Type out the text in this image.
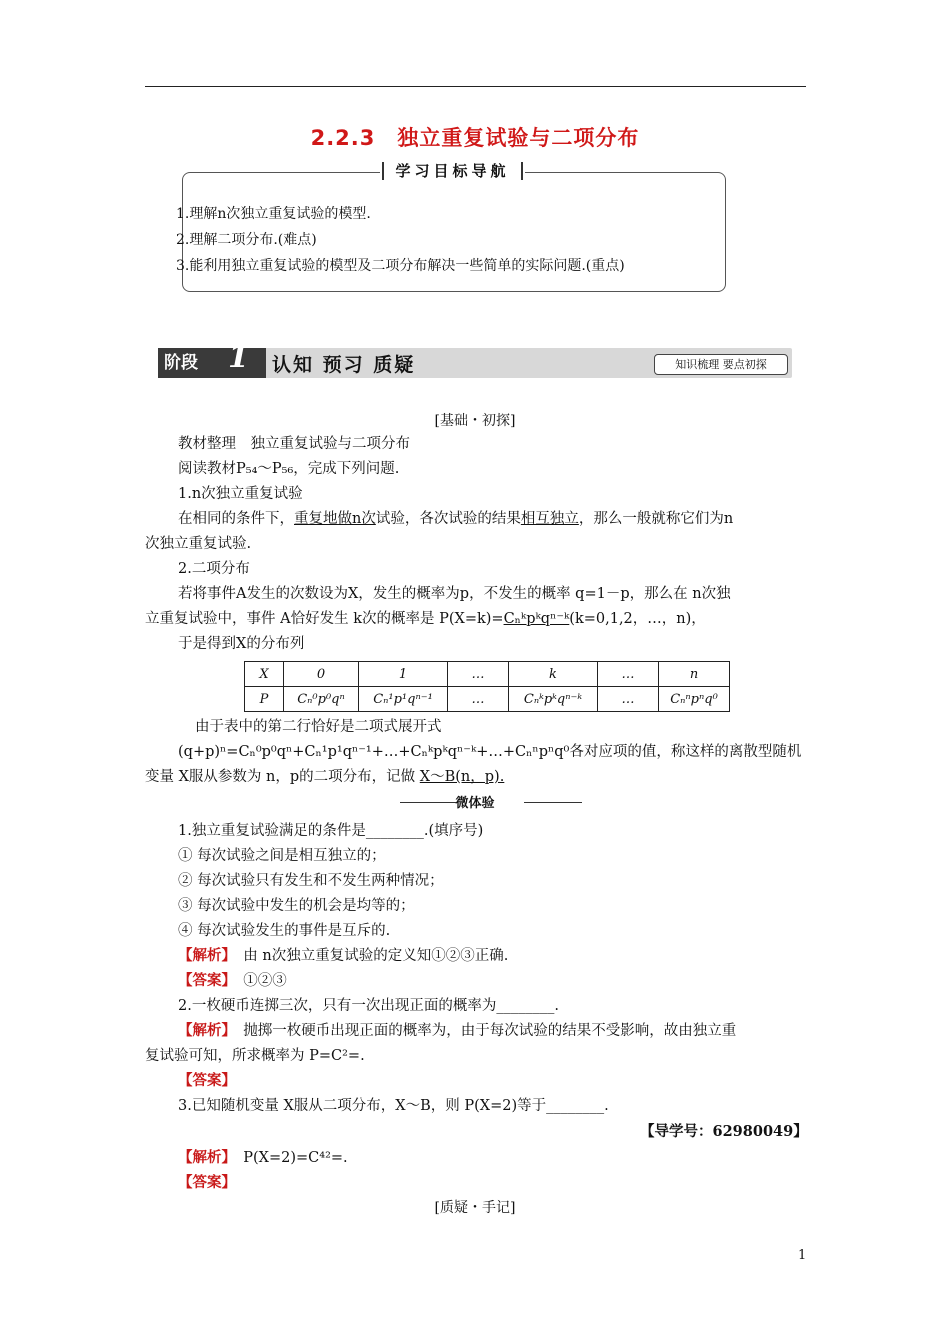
2.2.3　独立重复试验与二项分布
学习目标导航
1.理解n次独立重复试验的模型.
2.理解二项分布.(难点)
3.能利用独立重复试验的模型及二项分布解决一些简单的实际问题.(重点)
阶段 1 认知 预习 质疑	知识梳理 要点初探
[基础・初探]
教材整理　独立重复试验与二项分布
阅读教材P₅₄～P₅₆，完成下列问题.
1.n次独立重复试验
在相同的条件下，重复地做n次试验，各次试验的结果相互独立，那么一般就称它们为n
次独立重复试验.
2.二项分布
若将事件A发生的次数设为X，发生的概率为p，不发生的概率 q=1－p，那么在 n次独
立重复试验中，事件 A恰好发生 k次的概率是 P(X=k)=Cₙᵏpᵏqⁿ⁻ᵏ(k=0,1,2，…，n)，
于是得到X的分布列
X	0	1	…	k	…	n
P	Cₙ⁰p⁰qⁿ	Cₙ¹p¹qⁿ⁻¹	…	Cₙᵏpᵏqⁿ⁻ᵏ	…	Cₙⁿpⁿq⁰
由于表中的第二行恰好是二项式展开式
(q+p)ⁿ=Cₙ⁰p⁰qⁿ+Cₙ¹p¹qⁿ⁻¹+…+Cₙᵏpᵏqⁿ⁻ᵏ+…+Cₙⁿpⁿq⁰各对应项的值，称这样的离散型随机
变量 X服从参数为 n，p的二项分布，记做 X～B(n，p).
微体验
1.独立重复试验满足的条件是________.(填序号)
① 每次试验之间是相互独立的；
② 每次试验只有发生和不发生两种情况；
③ 每次试验中发生的机会是均等的；
④ 每次试验发生的事件是互斥的.
【解析】　 由 n次独立重复试验的定义知①②③正确.
【答案】　 ①②③
2.一枚硬币连掷三次，只有一次出现正面的概率为________.
【解析】　 抛掷一枚硬币出现正面的概率为，由于每次试验的结果不受影响，故由独立重
复试验可知，所求概率为 P=C²=.
【答案】
3.已知随机变量 X服从二项分布，X～B，则 P(X=2)等于________.
【导学号：62980049】
【解析】　 P(X=2)=C⁴²=.
【答案】
[质疑・手记]
1
